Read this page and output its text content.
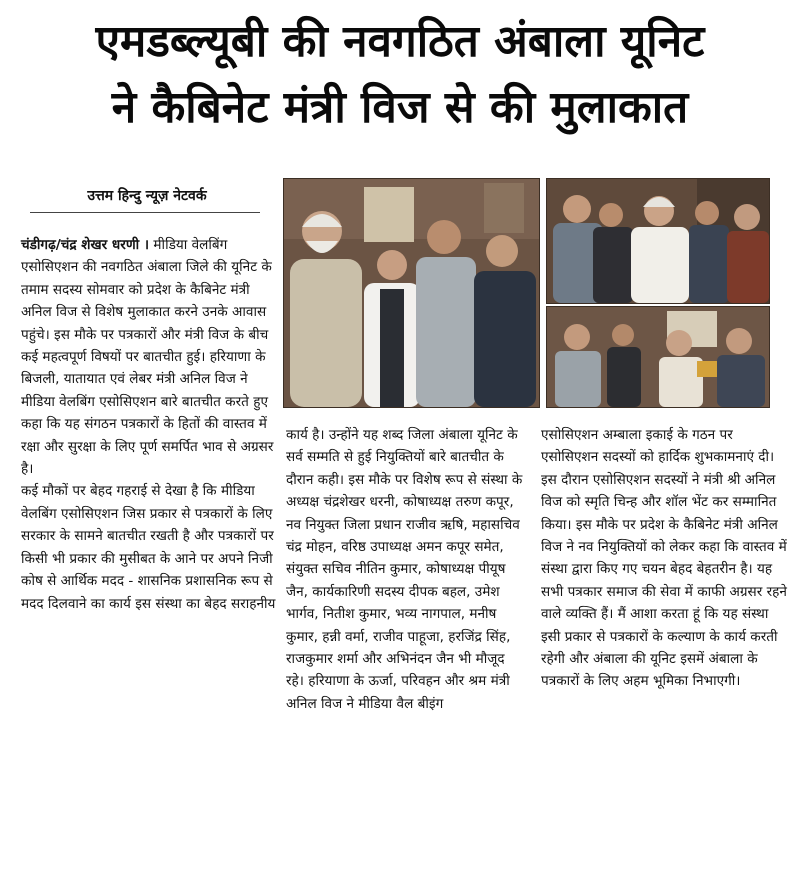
एमडब्ल्यूबी की नवगठित अंबाला यूनिट
ने कैबिनेट मंत्री विज से की मुलाकात
उत्तम हिन्दु न्यूज़ नेटवर्क

चंडीगढ़/चंद्र शेखर धरणी । मीडिया वेलबिंग एसोसिएशन की नवगठित अंबाला जिले की यूनिट के तमाम सदस्य सोमवार को प्रदेश के कैबिनेट मंत्री अनिल विज से विशेष मुलाकात करने उनके आवास पहुंचे। इस मौके पर पत्रकारों और मंत्री विज के बीच कई महत्वपूर्ण विषयों पर बातचीत हुई। हरियाणा के बिजली, यातायात एवं लेबर मंत्री अनिल विज ने मीडिया वेलबिंग एसोसिएशन बारे बातचीत करते हुए कहा कि यह संगठन पत्रकारों के हितों की वास्तव में रक्षा और सुरक्षा के लिए पूर्ण समर्पित भाव से अग्रसर है।

कई मौकों पर बेहद गहराई से देखा है कि मीडिया वेलबिंग एसोसिएशन जिस प्रकार से पत्रकारों के लिए सरकार के सामने बातचीत रखती है और पत्रकारों पर किसी भी प्रकार की मुसीबत के आने पर अपने निजी कोष से आर्थिक मदद - शासनिक प्रशासनिक रूप से मदद दिलवाने का कार्य इस संस्था का बेहद सराहनीय

कार्य है। उन्होंने यह शब्द जिला अंबाला यूनिट के सर्व सम्मति से हुई नियुक्तियों बारे बातचीत के दौरान कही। इस मौके पर विशेष रूप से संस्था के अध्यक्ष चंद्रशेखर धरनी, कोषाध्यक्ष तरुण कपूर, नव नियुक्त जिला प्रधान राजीव ऋषि, महासचिव चंद्र मोहन, वरिष्ठ उपाध्यक्ष अमन कपूर समेत, संयुक्त सचिव नीतिन कुमार, कोषाध्यक्ष पीयूष जैन, कार्यकारिणी सदस्य दीपक बहल, उमेश भार्गव, नितीश कुमार, भव्य नागपाल, मनीष कुमार, हन्नी वर्मा, राजीव पाहूजा, हरजिंद्र सिंह, राजकुमार शर्मा और अभिनंदन जैन भी मौजूद रहे। हरियाणा के ऊर्जा, परिवहन और श्रम मंत्री अनिल विज ने मीडिया वैल बीइंग

एसोसिएशन अम्बाला इकाई के गठन पर एसोसिएशन सदस्यों को हार्दिक शुभकामनाएं दी।

इस दौरान एसोसिएशन सदस्यों ने मंत्री श्री अनिल विज को स्मृति चिन्ह और शॉल भेंट कर सम्मानित किया। इस मौके पर प्रदेश के कैबिनेट मंत्री अनिल विज ने नव नियुक्तियों को लेकर कहा कि वास्तव में संस्था द्वारा किए गए चयन बेहद बेहतरीन है। यह सभी पत्रकार समाज की सेवा में काफी अग्रसर रहने वाले व्यक्ति हैं। मैं आशा करता हूं कि यह संस्था इसी प्रकार से पत्रकारों के कल्याण के कार्य करती रहेगी और अंबाला की यूनिट इसमें अंबाला के पत्रकारों के लिए अहम भूमिका निभाएगी।
